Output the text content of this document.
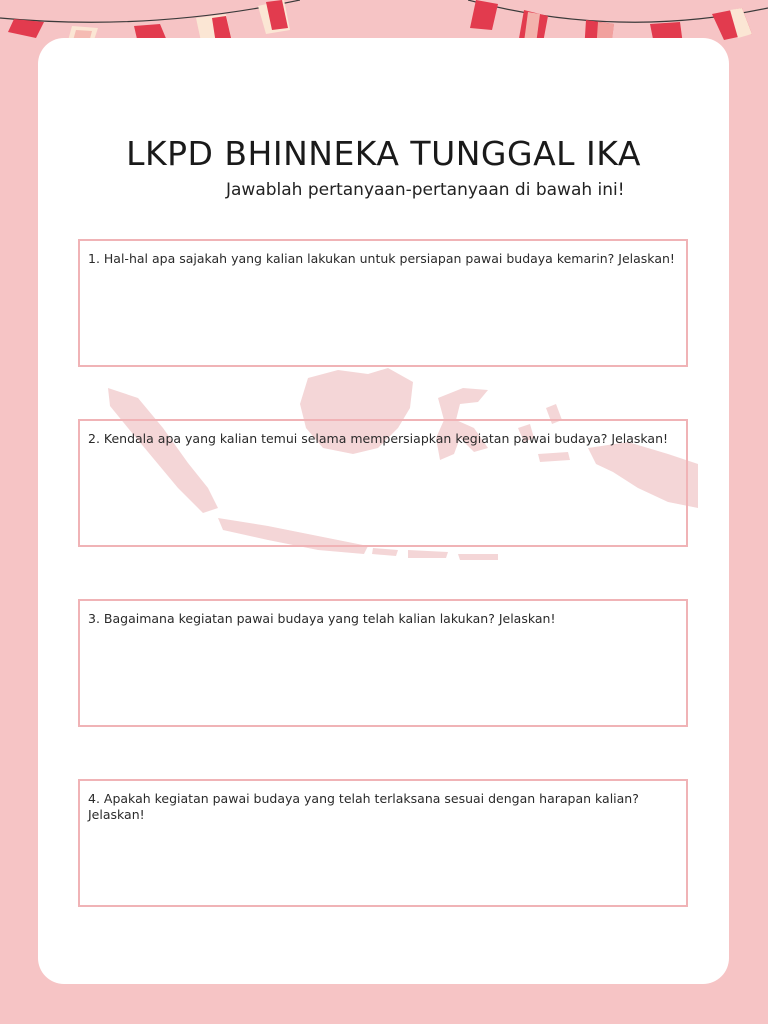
LKPD BHINNEKA TUNGGAL IKA

Jawablah pertanyaan-pertanyaan di bawah ini!

1. Hal-hal apa sajakah yang kalian lakukan untuk persiapan pawai budaya kemarin? Jelaskan!
2. Kendala apa yang kalian temui selama mempersiapkan kegiatan pawai budaya? Jelaskan!
3. Bagaimana kegiatan pawai budaya yang telah kalian lakukan? Jelaskan!
4. Apakah kegiatan pawai budaya yang telah terlaksana sesuai dengan harapan kalian? Jelaskan!
